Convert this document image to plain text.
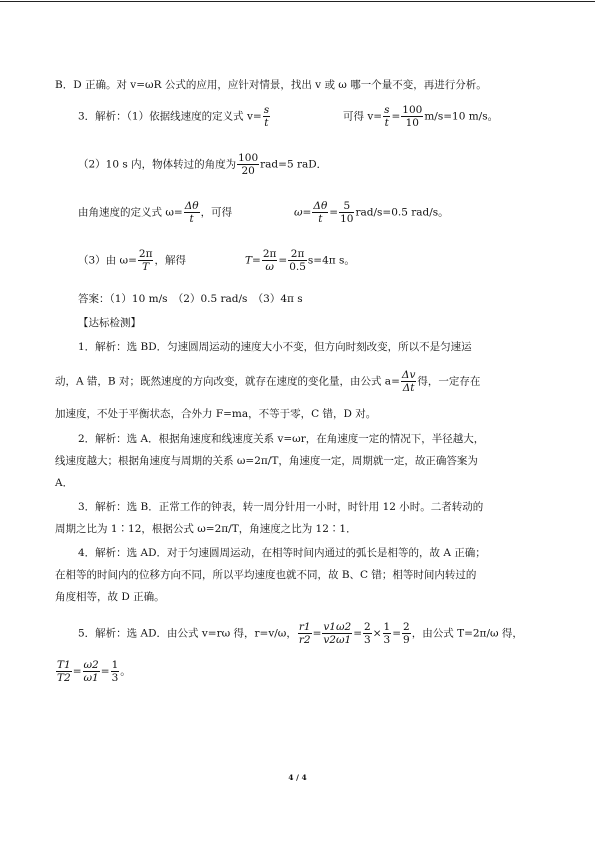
B．D 正确。对 v=ωR 公式的应用，应针对情景，找出 v 或 ω 哪一个量不变，再进行分析。
3．解析：（1）依据线速度的定义式 $v= \frac{s}{t}$	可得 $v= \frac{s}{t} = \frac{100}{10} m/s=10$ m/s。
（2）10 s 内，物体转过的角度为 $\frac{100}{20} rad=5$ raD．
由角速度的定义式 $\omega= \frac{\Delta\theta}{t}$ ，可得	$\omega= \frac{\Delta\theta}{t} = \frac{5}{10} rad/s=0.5$ rad/s。
（3）由 $\omega= \frac{2\pi}{T}$ ，解得	$T= \frac{2\pi}{\omega} = \frac{2\pi}{0.5} s=4\pi$ s。
答案：（1）10 m/s　（2）0.5 rad/s　（3）4π s
【达标检测】
1．解析：选 BD．匀速圆周运动的速度大小不变，但方向时刻改变，所以不是匀速运
动，A 错，B 对；既然速度的方向改变，就存在速度的变化量，由公式 $a= \frac{\Delta v}{\Delta t}$ 得，一定存在
加速度，不处于平衡状态，合外力 F=ma，不等于零，C 错，D 对。
2．解析：选 A．根据角速度和线速度关系 v=ωr，在角速度一定的情况下，半径越大，
线速度越大；根据角速度与周期的关系 ω=2π/T，角速度一定，周期就一定，故正确答案为
A．
3．解析：选 B．正常工作的钟表，转一周分针用一小时，时针用 12 小时。二者转动的
周期之比为 1∶12，根据公式 ω=2π/T，角速度之比为 12∶1．
4．解析：选 AD．对于匀速圆周运动，在相等时间内通过的弧长是相等的，故 A 正确；
在相等的时间内的位移方向不同，所以平均速度也就不同，故 B、C 错；相等时间内转过的
角度相等，故 D 正确。
5．解析：选 AD．由公式 v=rω 得，r=v/ω， $\frac{r1}{r2} = \frac{v1\omega 2}{v2\omega 1} = \frac{2}{3} \times \frac{1}{3} = \frac{2}{9}$ ，由公式 T=2π/ω 得，
$\frac{T1}{T2} = \frac{\omega 2}{\omega 1} = \frac{1}{3}$ 。
4 / 4
